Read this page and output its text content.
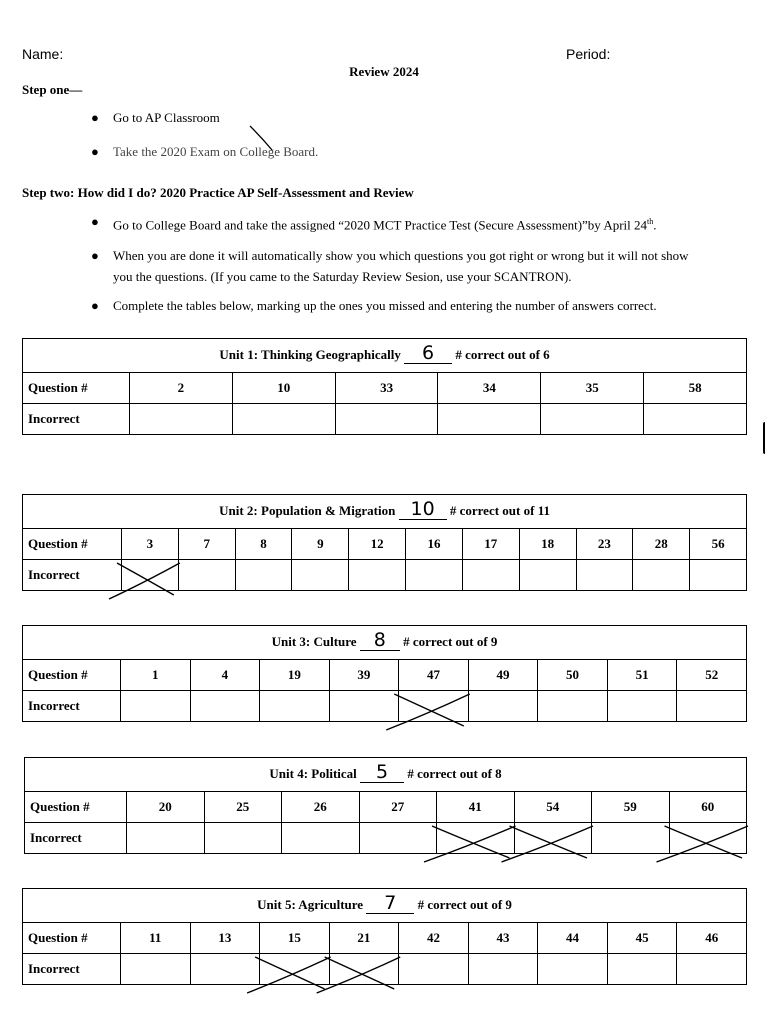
Name:	Period:
Review 2024
Step one—
● Go to AP Classroom
● Take the 2020 Exam on College Board.
Step two: How did I do? 2020 Practice AP Self-Assessment and Review
● Go to College Board and take the assigned “2020 MCT Practice Test (Secure Assessment)”by April 24th.
● When you are done it will automatically show you which questions you got right or wrong but it will not show
you the questions. (If you came to the Saturday Review Sesion, use your SCANTRON).
● Complete the tables below, marking up the ones you missed and entering the number of answers correct.
Unit 1: Thinking Geographically 6 # correct out of 6						
Question #	2	10	33	34	35	58
Incorrect						
Unit 2: Population & Migration 10 # correct out of 11											
Question #	3	7	8	9	12	16	17	18	23	28	56
Incorrect											
Unit 3: Culture 8 # correct out of 9									
Question #	1	4	19	39	47	49	50	51	52
Incorrect									
Unit 4: Political 5 # correct out of 8								
Question #	20	25	26	27	41	54	59	60
Incorrect								
Unit 5: Agriculture 7 # correct out of 9									
Question #	11	13	15	21	42	43	44	45	46
Incorrect									
